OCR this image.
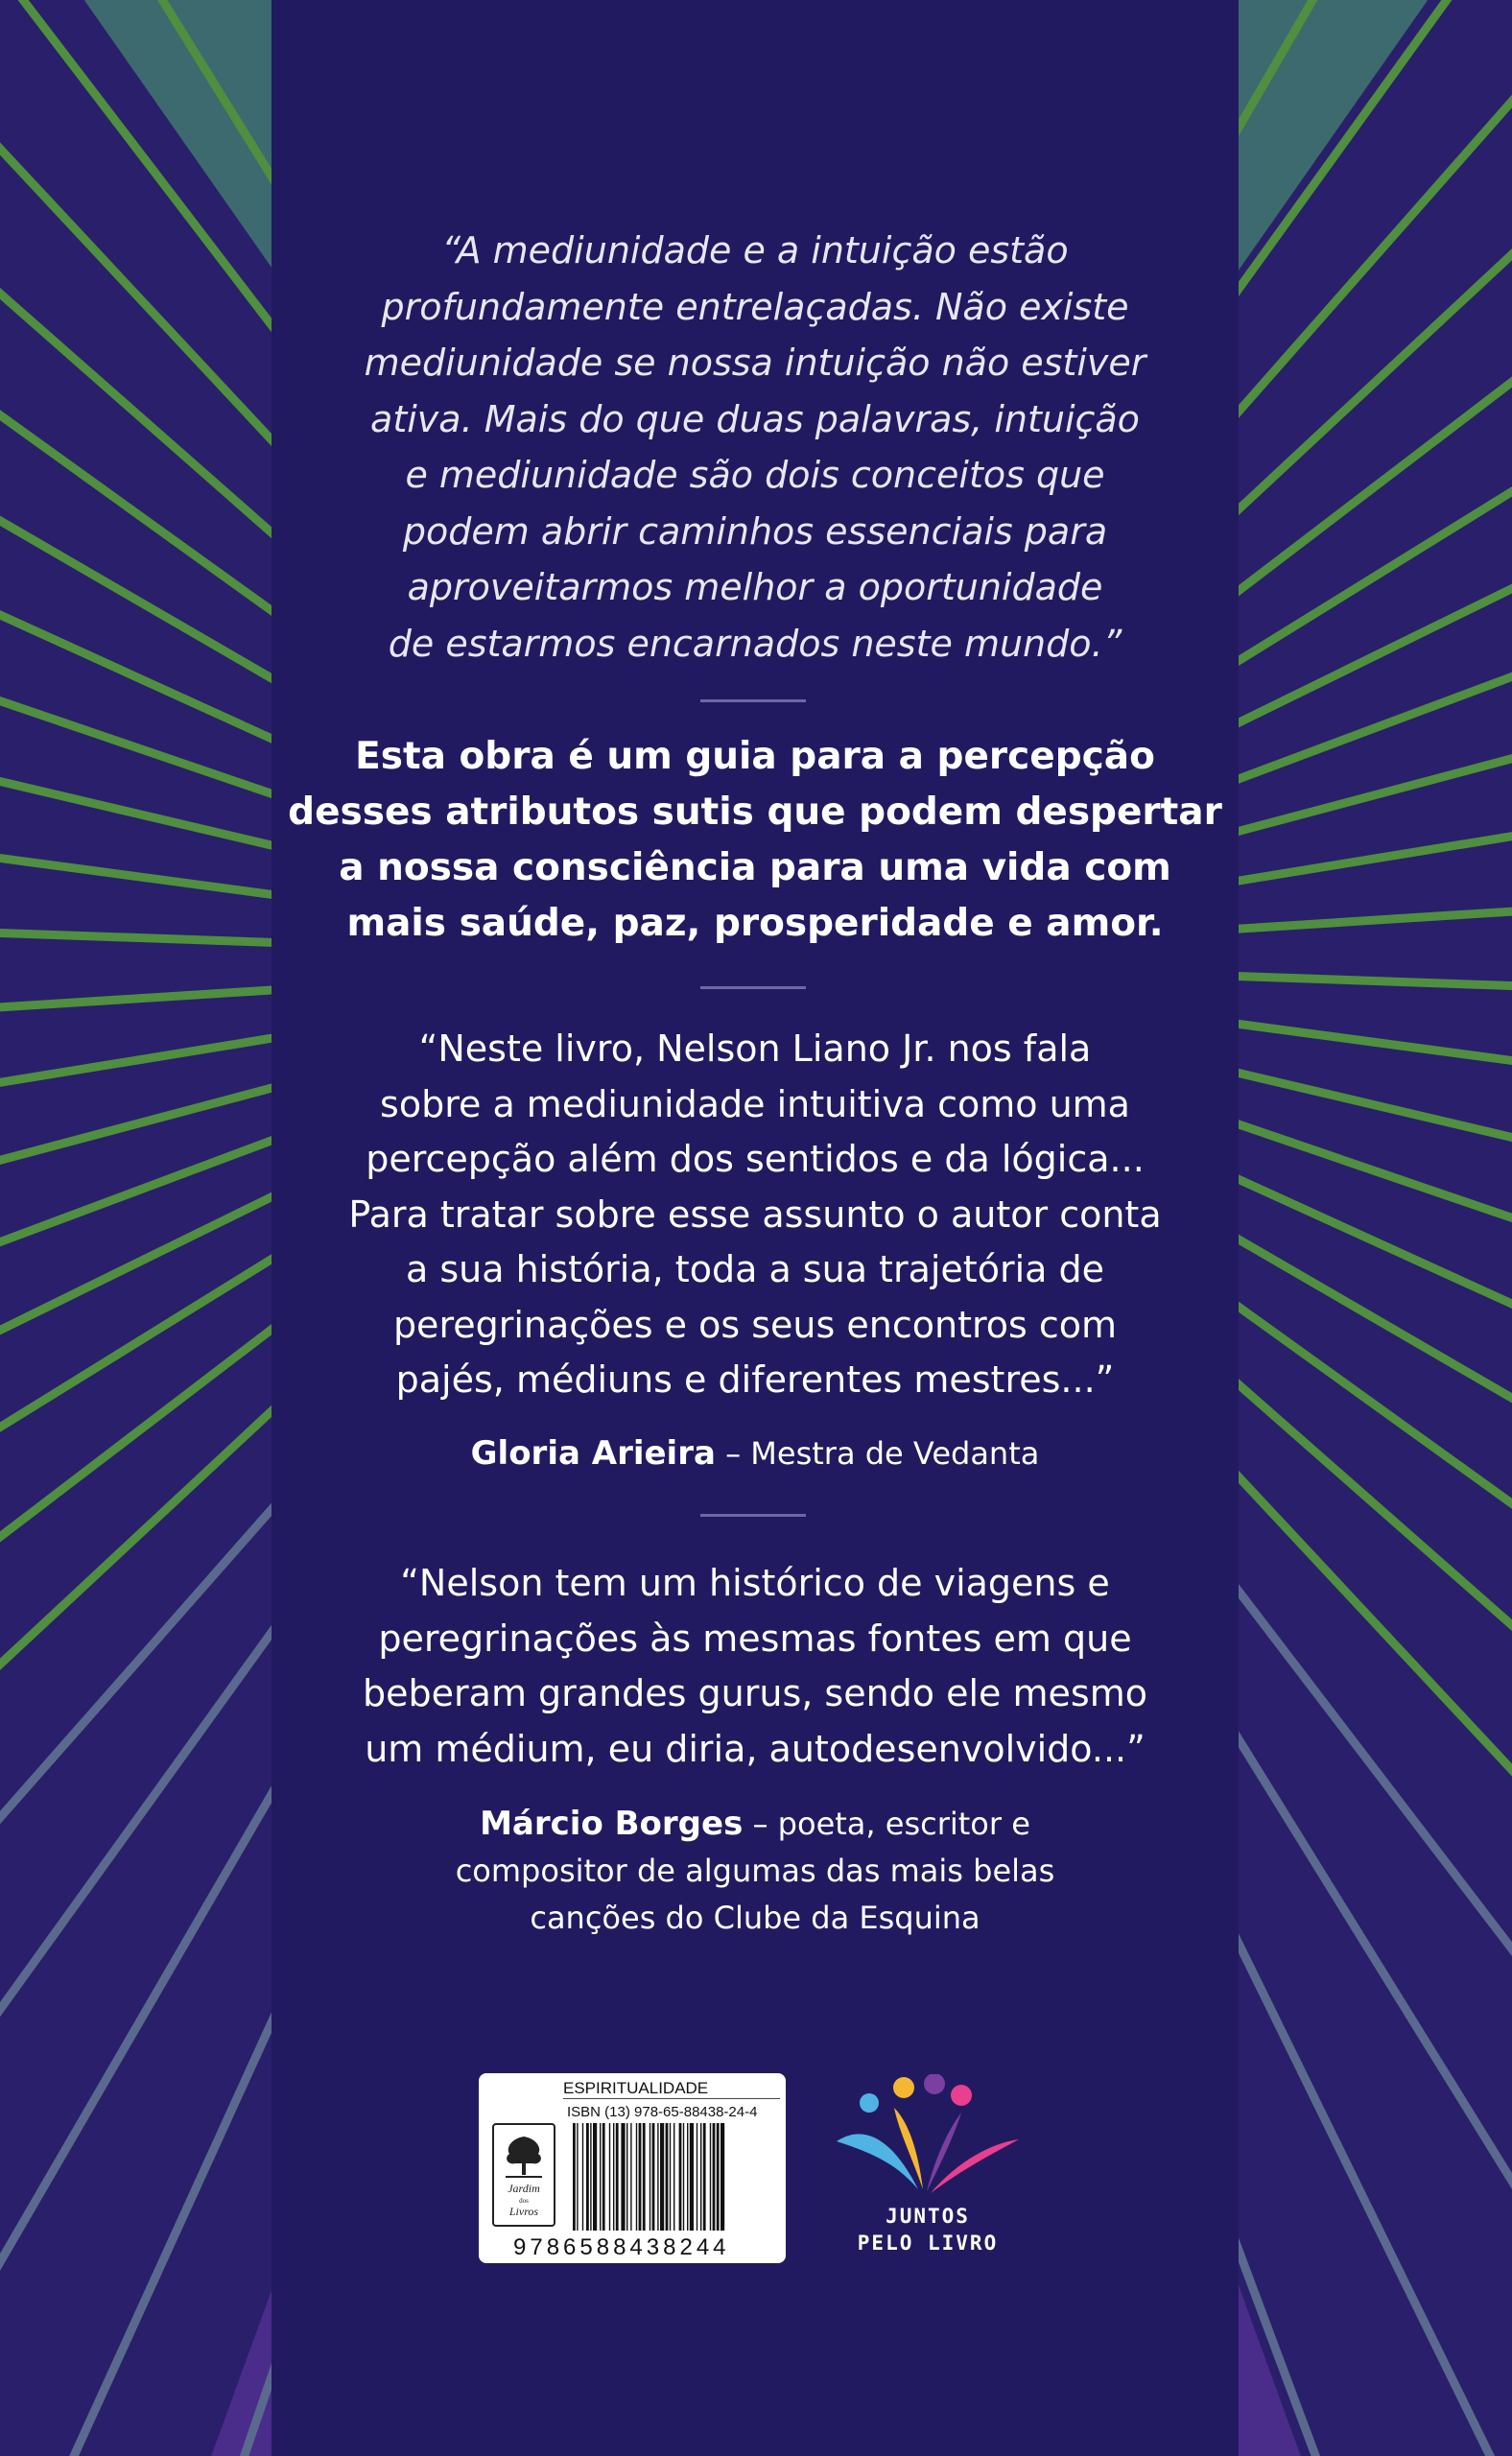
“A mediunidade e a intuição estão
profundamente entrelaçadas. Não existe
mediunidade se nossa intuição não estiver
ativa. Mais do que duas palavras, intuição
e mediunidade são dois conceitos que
podem abrir caminhos essenciais para
aproveitarmos melhor a oportunidade
de estarmos encarnados neste mundo.”
Esta obra é um guia para a percepção
desses atributos sutis que podem despertar
a nossa consciência para uma vida com
mais saúde, paz, prosperidade e amor.
“Neste livro, Nelson Liano Jr. nos fala
sobre a mediunidade intuitiva como uma
percepção além dos sentidos e da lógica...
Para tratar sobre esse assunto o autor conta
a sua história, toda a sua trajetória de
peregrinações e os seus encontros com
pajés, médiuns e diferentes mestres...”
Gloria Arieira – Mestra de Vedanta
“Nelson tem um histórico de viagens e
peregrinações às mesmas fontes em que
beberam grandes gurus, sendo ele mesmo
um médium, eu diria, autodesenvolvido...”
Márcio Borges – poeta, escritor e
compositor de algumas das mais belas
canções do Clube da Esquina
ESPIRITUALIDADE
ISBN (13) 978-65-88438-24-4
Jardim
dos
Livros
9786588438244
JUNTOS
PELO LIVRO
